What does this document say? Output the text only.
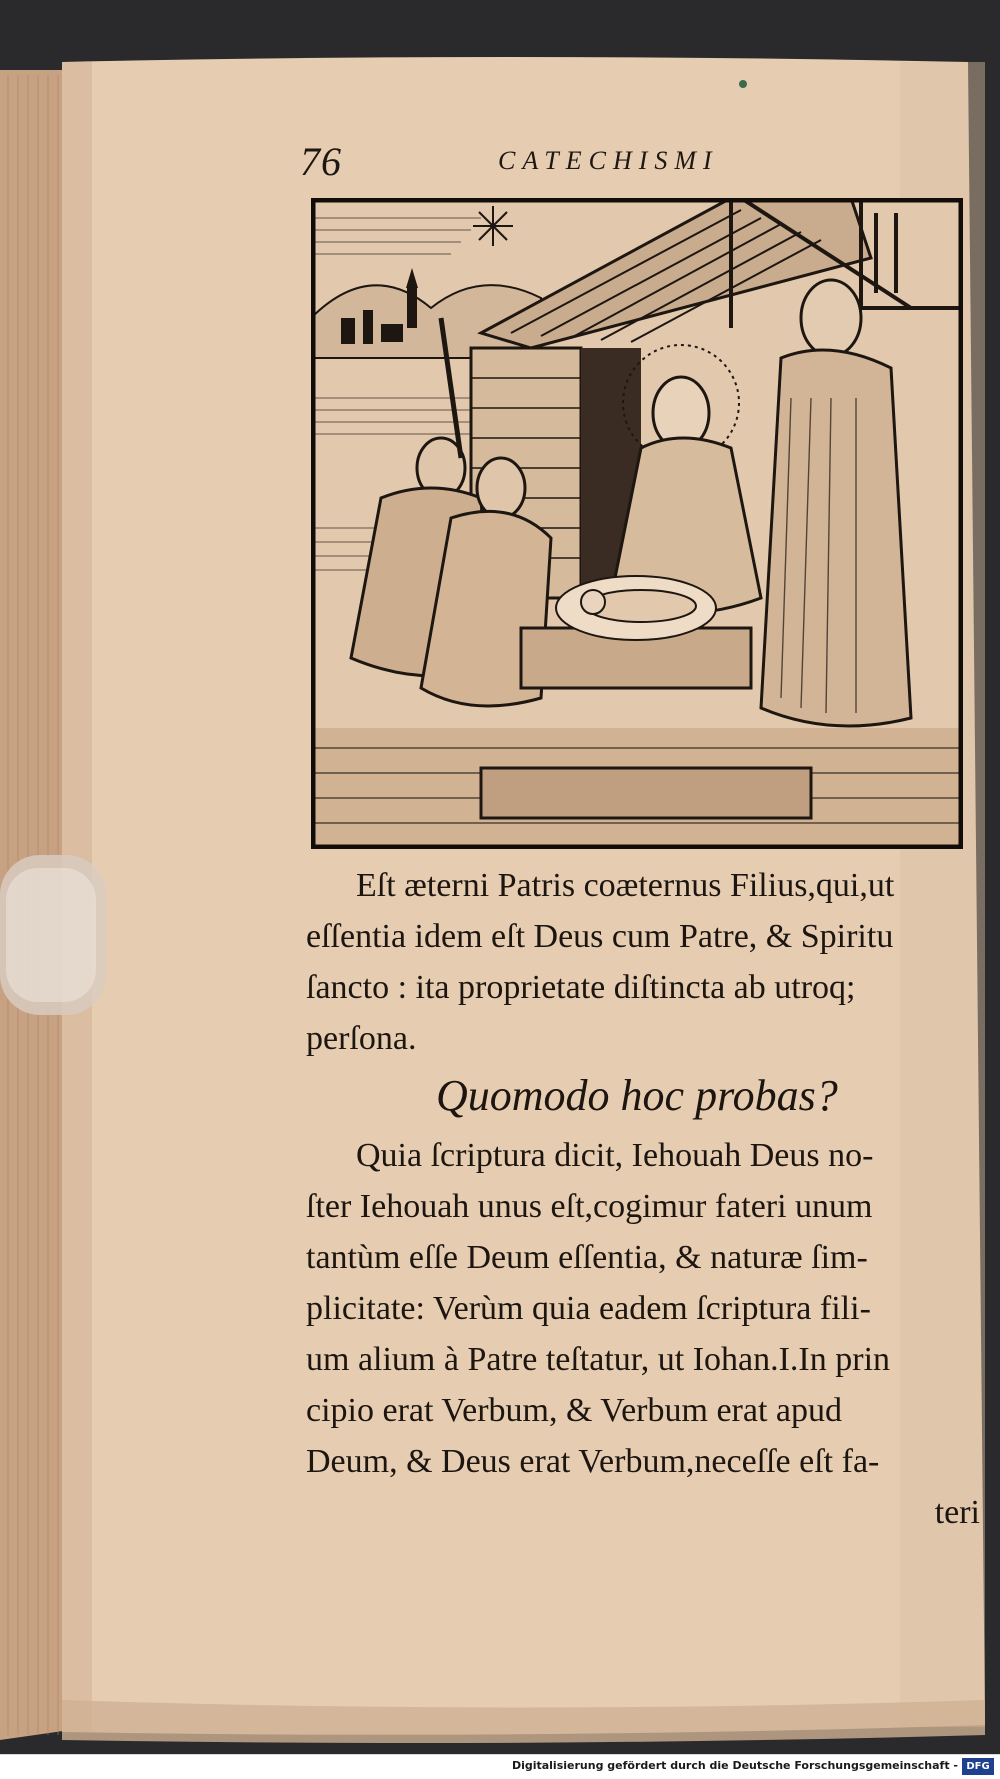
76	CATECHISMI
Eſt æterni Patris coæternus Filius,qui,ut
eſſentia idem eſt Deus cum Patre, & Spiritu
ſancto : ita proprietate diſtincta ab utroq;
perſona.
Quomodo hoc probas?
Quia ſcriptura dicit, Iehouah Deus no-
ſter Iehouah unus eſt,cogimur fateri unum
tantùm eſſe Deum eſſentia, & naturæ ſim-
plicitate: Verùm quia eadem ſcriptura fili-
um alium à Patre teſtatur, ut Iohan.I.In prin
cipio erat Verbum, & Verbum erat apud
Deum, & Deus erat Verbum,neceſſe eſt fa-
teri
Digitalisierung gefördert durch die Deutsche Forschungsgemeinschaft - DFG
